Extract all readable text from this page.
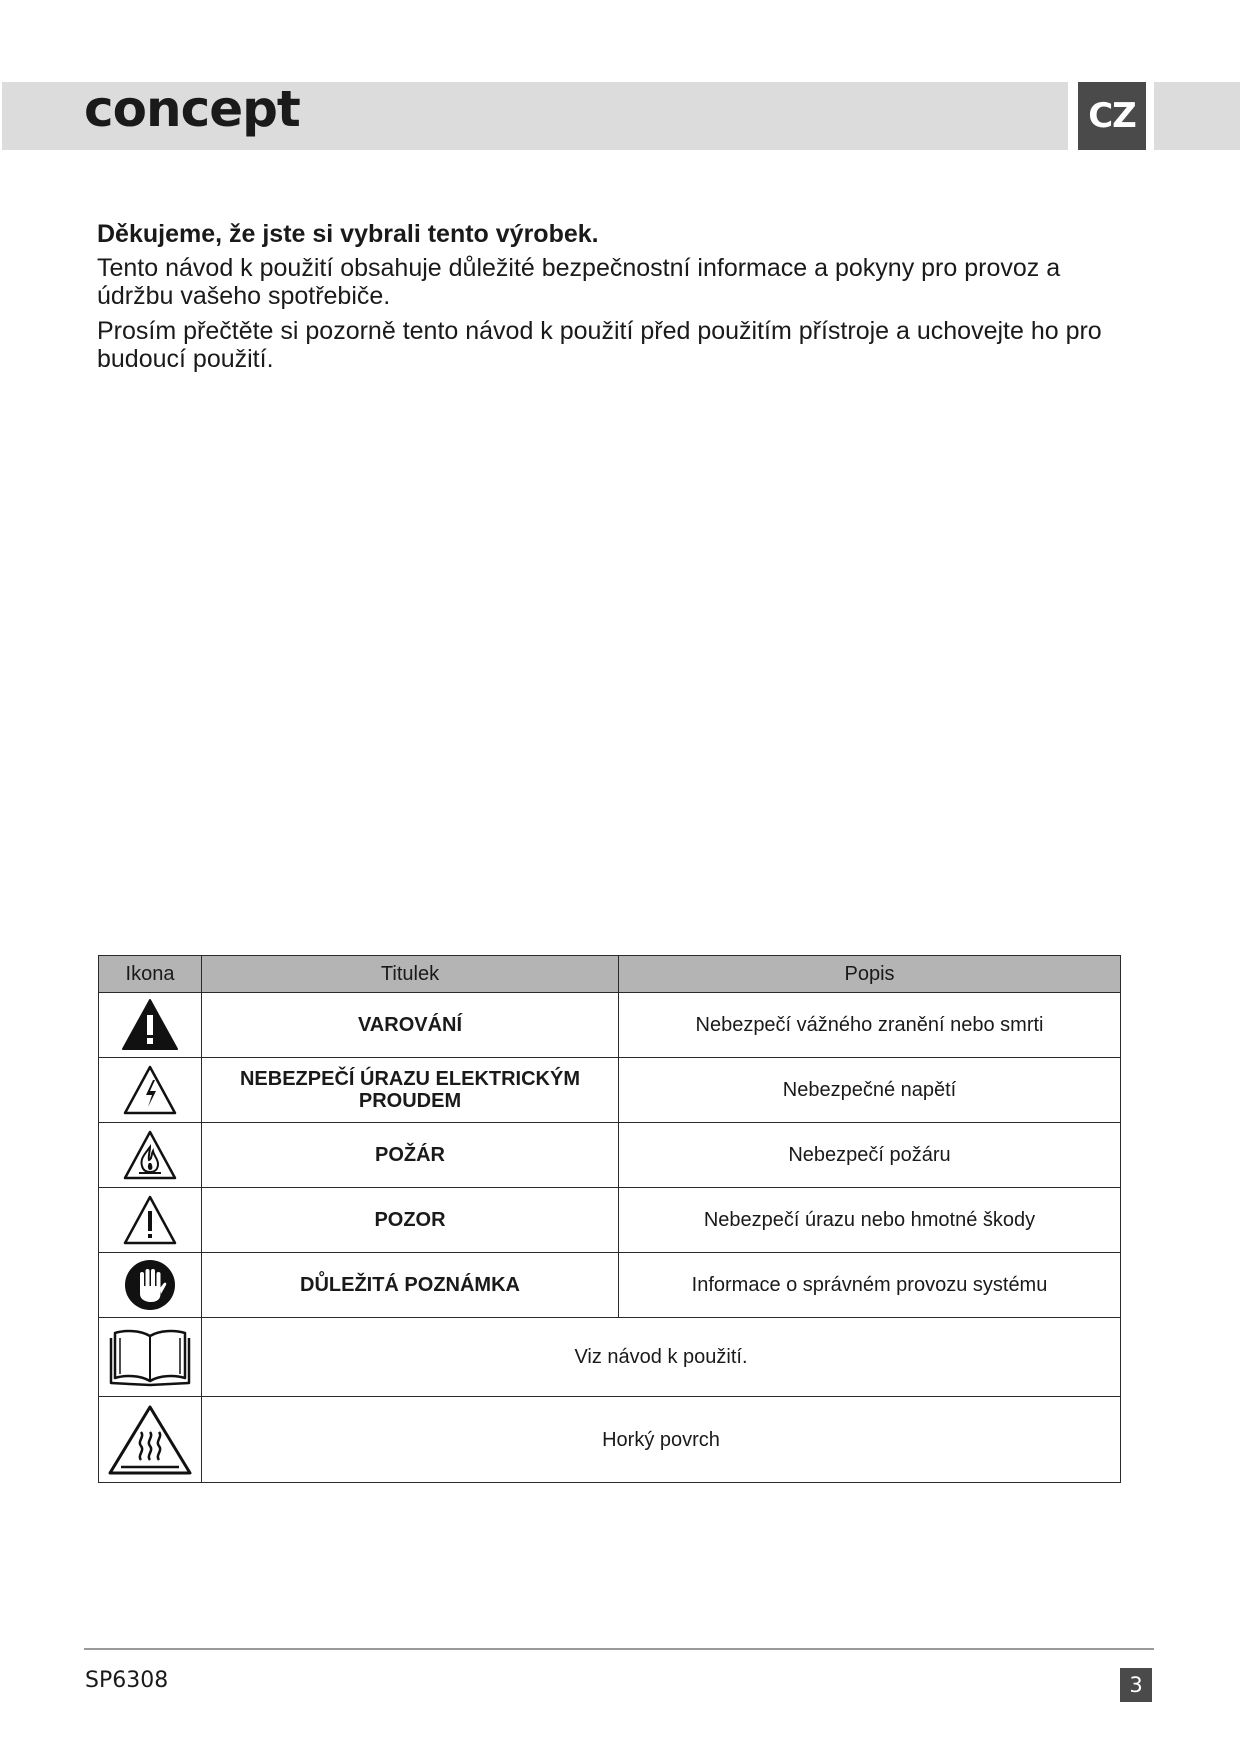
concept	CZ

Děkujeme, že jste si vybrali tento výrobek.

Tento návod k použití obsahuje důležité bezpečnostní informace a pokyny pro provoz a údržbu vašeho spotřebiče.

Prosím přečtěte si pozorně tento návod k použití před použitím přístroje a uchovejte ho pro budoucí použití.

Ikona	Titulek	Popis

	VAROVÁNÍ	Nebezpečí vážného zranění nebo smrti

	NEBEZPEČÍ ÚRAZU ELEKTRICKÝM PROUDEM	Nebezpečné napětí

	POŽÁR	Nebezpečí požáru

	POZOR	Nebezpečí úrazu nebo hmotné škody

	DŮLEŽITÁ POZNÁMKA	Informace o správném provozu systému

	Viz návod k použití.	

	Horký povrch	
SP6308	3
